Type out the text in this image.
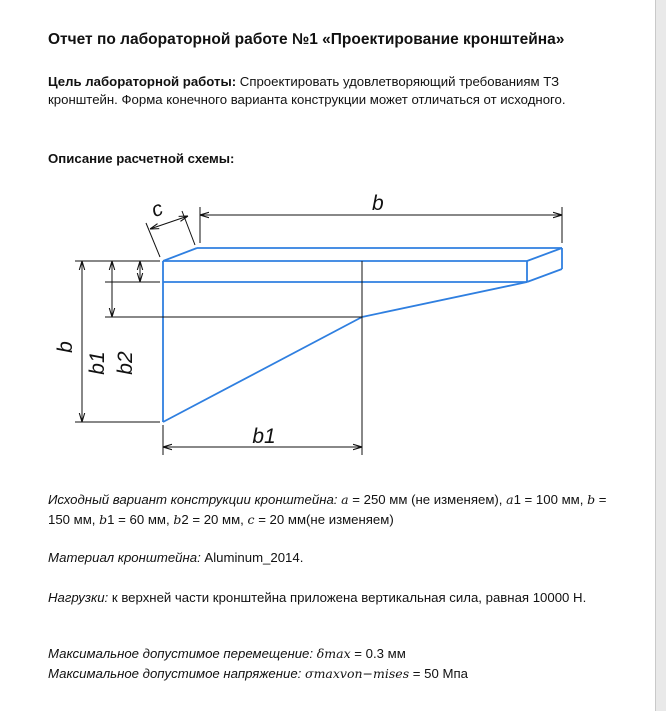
Отчет по лабораторной работе №1 «Проектирование кронштейна»
Цель лабораторной работы: Спроектировать удовлетворяющий требованиям ТЗ кронштейн. Форма конечного варианта конструкции может отличаться от исходного.
Описание расчетной схемы:
c	b
b
b1 b2
b1
Исходный вариант конструкции кронштейна: a = 250 мм (не изменяем), a1 = 100 мм, b = 150 мм, b1 = 60 мм, b2 = 20 мм, c = 20 мм(не изменяем)
Материал кронштейна: Aluminum_2014.
Нагрузки: к верхней части кронштейна приложена вертикальная сила, равная 10000 Н.
Максимальное допустимое перемещение: δmax = 0.3 мм
Максимальное допустимое напряжение: σmaxvon−mises = 50 Мпа
